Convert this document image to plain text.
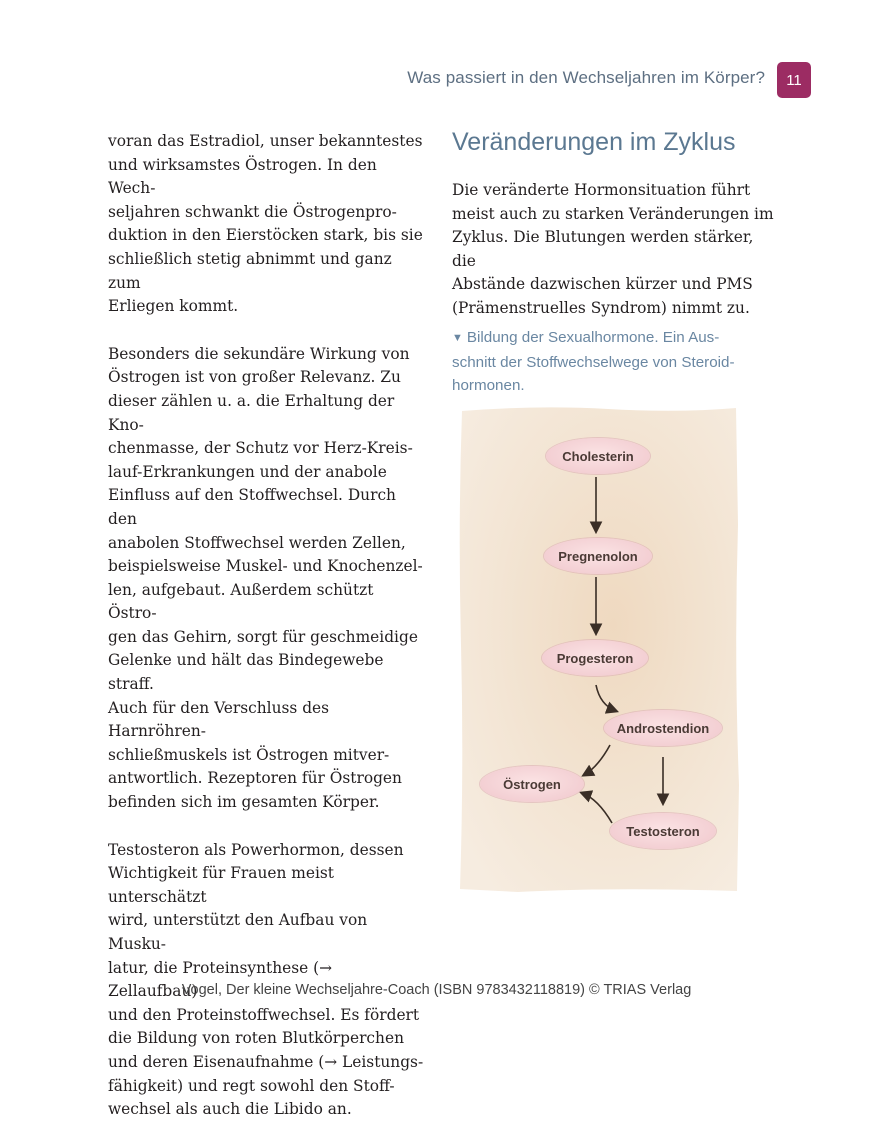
Was passiert in den Wechseljahren im Körper?	11

voran das Estradiol, unser bekanntestes
und wirksamstes Östrogen. In den Wech-
seljahren schwankt die Östrogenpro-
duktion in den Eierstöcken stark, bis sie
schließlich stetig abnimmt und ganz zum
Erliegen kommt.

Besonders die sekundäre Wirkung von
Östrogen ist von großer Relevanz. Zu
dieser zählen u. a. die Erhaltung der Kno-
chenmasse, der Schutz vor Herz-Kreis-
lauf-Erkrankungen und der anabole
Einfluss auf den Stoffwechsel. Durch den
anabolen Stoffwechsel werden Zellen,
beispielsweise Muskel- und Knochenzel-
len, aufgebaut. Außerdem schützt Östro-
gen das Gehirn, sorgt für geschmeidige
Gelenke und hält das Bindegewebe straff.
Auch für den Verschluss des Harnröhren-
schließmuskels ist Östrogen mitver-
antwortlich. Rezeptoren für Östrogen
befinden sich im gesamten Körper.

Testosteron als Powerhormon, dessen
Wichtigkeit für Frauen meist unterschätzt
wird, unterstützt den Aufbau von Musku-
latur, die Proteinsynthese (→ Zellaufbau)
und den Proteinstoffwechsel. Es fördert
die Bildung von roten Blutkörperchen
und deren Eisenaufnahme (→ Leistungs-
fähigkeit) und regt sowohl den Stoff-
wechsel als auch die Libido an.

Veränderungen im Zyklus

Die veränderte Hormonsituation führt
meist auch zu starken Veränderungen im
Zyklus. Die Blutungen werden stärker, die
Abstände dazwischen kürzer und PMS
(Prämenstruelles Syndrom) nimmt zu.

▼ Bildung der Sexualhormone. Ein Aus-
schnitt der Stoffwechselwege von Steroid-
hormonen.
Cholesterin
Pregnenolon
Progesteron
Androstendion
Östrogen
Testosteron
Vogel, Der kleine Wechseljahre-Coach (ISBN 9783432118819) © TRIAS Verlag
